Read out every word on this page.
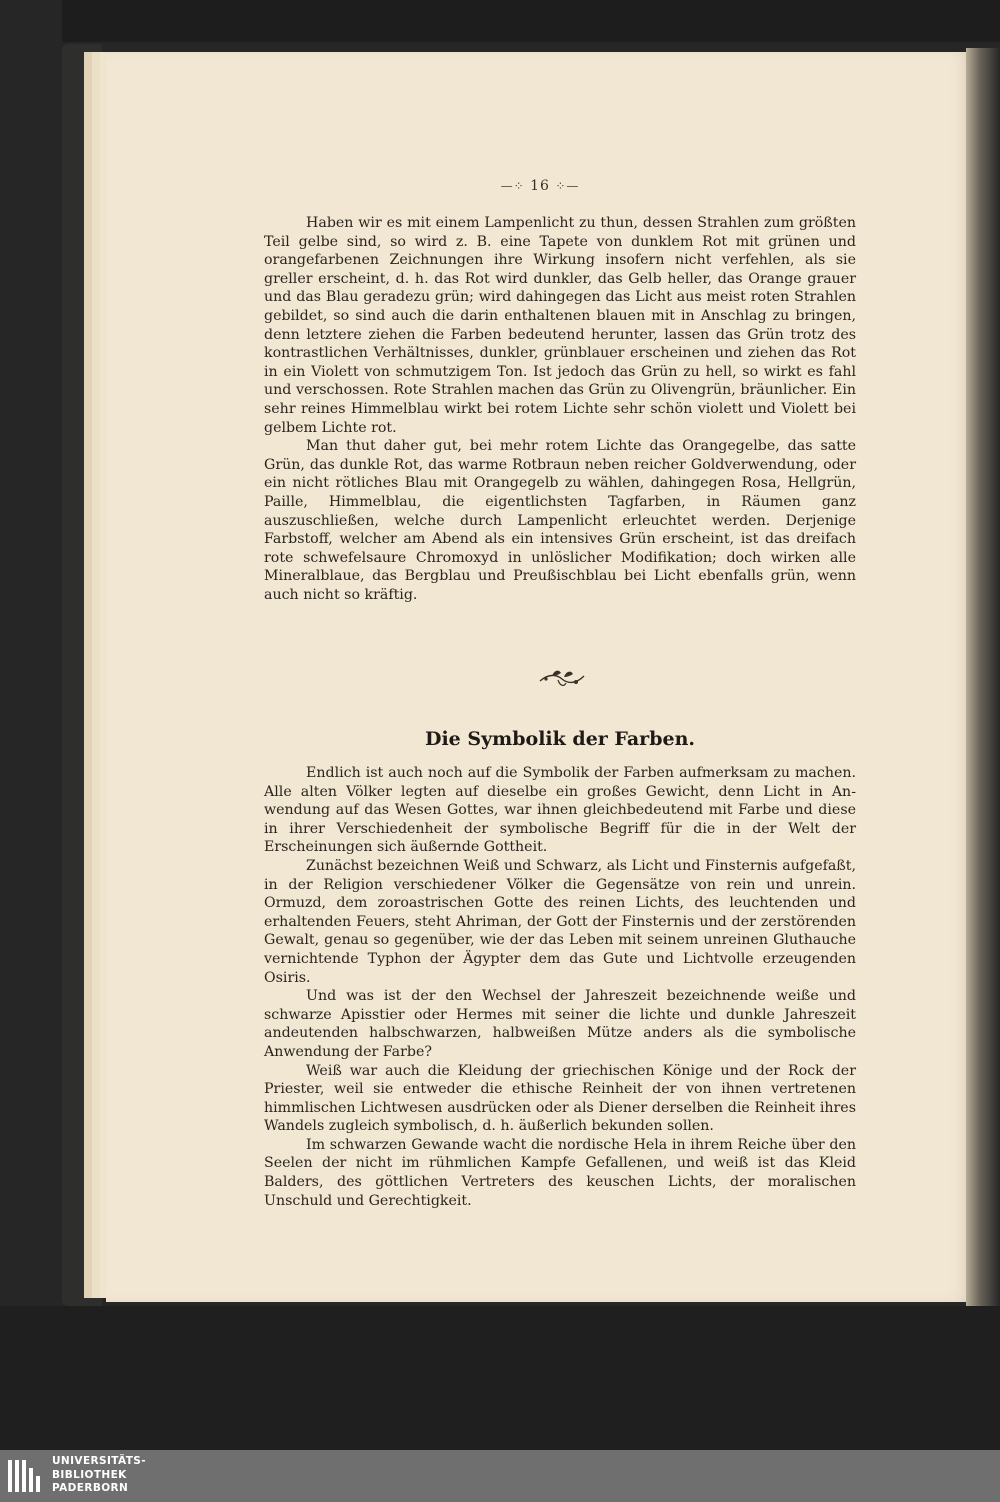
—⁘ 16 ⁘—

Haben wir es mit einem Lampenlicht zu thun, dessen Strahlen zum größten Teil gelbe sind, so wird z. B. eine Tapete von dunklem Rot mit grünen und orangefarbenen Zeichnungen ihre Wirkung insofern nicht verfehlen, als sie greller erscheint, d. h. das Rot wird dunkler, das Gelb heller, das Orange grauer und das Blau geradezu grün; wird dahingegen das Licht aus meist roten Strahlen gebildet, so sind auch die darin enthaltenen blauen mit in Anschlag zu bringen, denn letztere ziehen die Farben bedeutend herunter, lassen das Grün trotz des kontrastlichen Verhältnisses, dunkler, grünblauer erscheinen und ziehen das Rot in ein Violett von schmutzigem Ton. Ist jedoch das Grün zu hell, so wirkt es fahl und verschossen. Rote Strahlen machen das Grün zu Olivengrün, bräunlicher. Ein sehr reines Himmelblau wirkt bei rotem Lichte sehr schön violett und Violett bei gelbem Lichte rot.

Man thut daher gut, bei mehr rotem Lichte das Orangegelbe, das satte Grün, das dunkle Rot, das warme Rotbraun neben reicher Goldverwendung, oder ein nicht rötliches Blau mit Orangegelb zu wählen, dahingegen Rosa, Hellgrün, Paille, Himmelblau, die eigentlichsten Tagfarben, in Räumen ganz auszuschließen, welche durch Lampenlicht erleuchtet werden. Derjenige Farbstoff, welcher am Abend als ein intensives Grün erscheint, ist das dreifach rote schwefelsaure Chromoxyd in unlöslicher Modifikation; doch wirken alle Mineralblaue, das Bergblau und Preußischblau bei Licht ebenfalls grün, wenn auch nicht so kräftig.

Die Symbolik der Farben.

Endlich ist auch noch auf die Symbolik der Farben aufmerksam zu machen. Alle alten Völker legten auf dieselbe ein großes Gewicht, denn Licht in Anwendung auf das Wesen Gottes, war ihnen gleichbedeutend mit Farbe und diese in ihrer Verschiedenheit der symbolische Begriff für die in der Welt der Erscheinungen sich äußernde Gottheit.

Zunächst bezeichnen Weiß und Schwarz, als Licht und Finsternis aufgefaßt, in der Religion verschiedener Völker die Gegensätze von rein und unrein. Ormuzd, dem zoroastrischen Gotte des reinen Lichts, des leuchtenden und erhaltenden Feuers, steht Ahriman, der Gott der Finsternis und der zerstörenden Gewalt, genau so gegenüber, wie der das Leben mit seinem unreinen Gluthauche vernichtende Typhon der Ägypter dem das Gute und Lichtvolle erzeugenden Osiris.

Und was ist der den Wechsel der Jahreszeit bezeichnende weiße und schwarze Apisstier oder Hermes mit seiner die lichte und dunkle Jahreszeit andeutenden halbschwarzen, halbweißen Mütze anders als die symbolische Anwendung der Farbe?

Weiß war auch die Kleidung der griechischen Könige und der Rock der Priester, weil sie entweder die ethische Reinheit der von ihnen vertretenen himmlischen Lichtwesen ausdrücken oder als Diener derselben die Reinheit ihres Wandels zugleich symbolisch, d. h. äußerlich bekunden sollen.

Im schwarzen Gewande wacht die nordische Hela in ihrem Reiche über den Seelen der nicht im rühmlichen Kampfe Gefallenen, und weiß ist das Kleid Balders, des göttlichen Vertreters des keuschen Lichts, der moralischen Unschuld und Gerechtigkeit.

UNIVERSITÄTS-
BIBLIOTHEK
PADERBORN
